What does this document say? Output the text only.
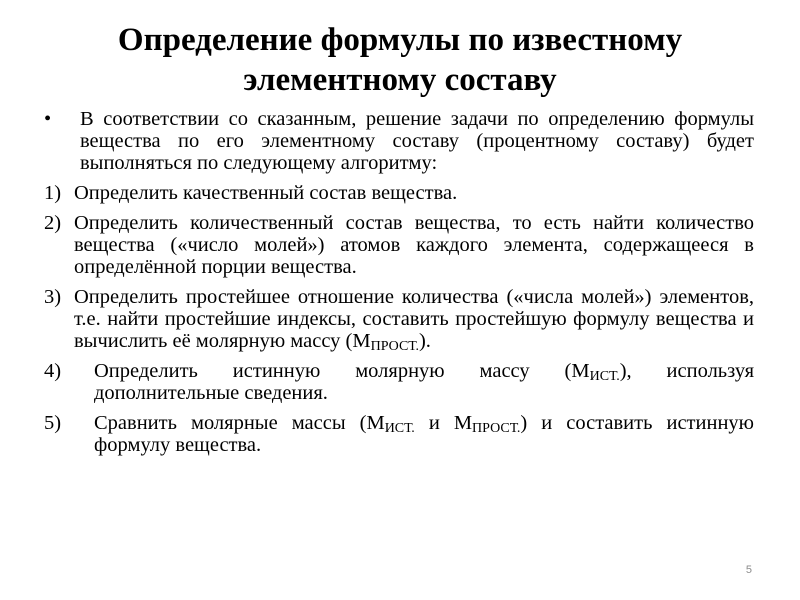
Определение формулы по известному
элементному составу
• В соответствии со сказанным, решение задачи по определению формулы вещества по его элементному составу (процентному составу) будет выполняться по следующему алгоритму:
1) Определить качественный состав вещества.
2) Определить количественный состав вещества, то есть найти количество вещества («число молей») атомов каждого элемента, содержащееся в определённой порции вещества.
3) Определить простейшее отношение количества («числа молей») элементов, т.е. найти простейшие индексы, составить простейшую формулу вещества и вычислить её молярную массу $(M_{ПРОСТ.})$.
4) Определить истинную молярную массу $(M_{ИСТ.})$, используя дополнительные сведения.
5) Сравнить молярные массы ($M_{ИСТ.}$ и $M_{ПРОСТ.}$) и составить истинную формулу вещества.
5
